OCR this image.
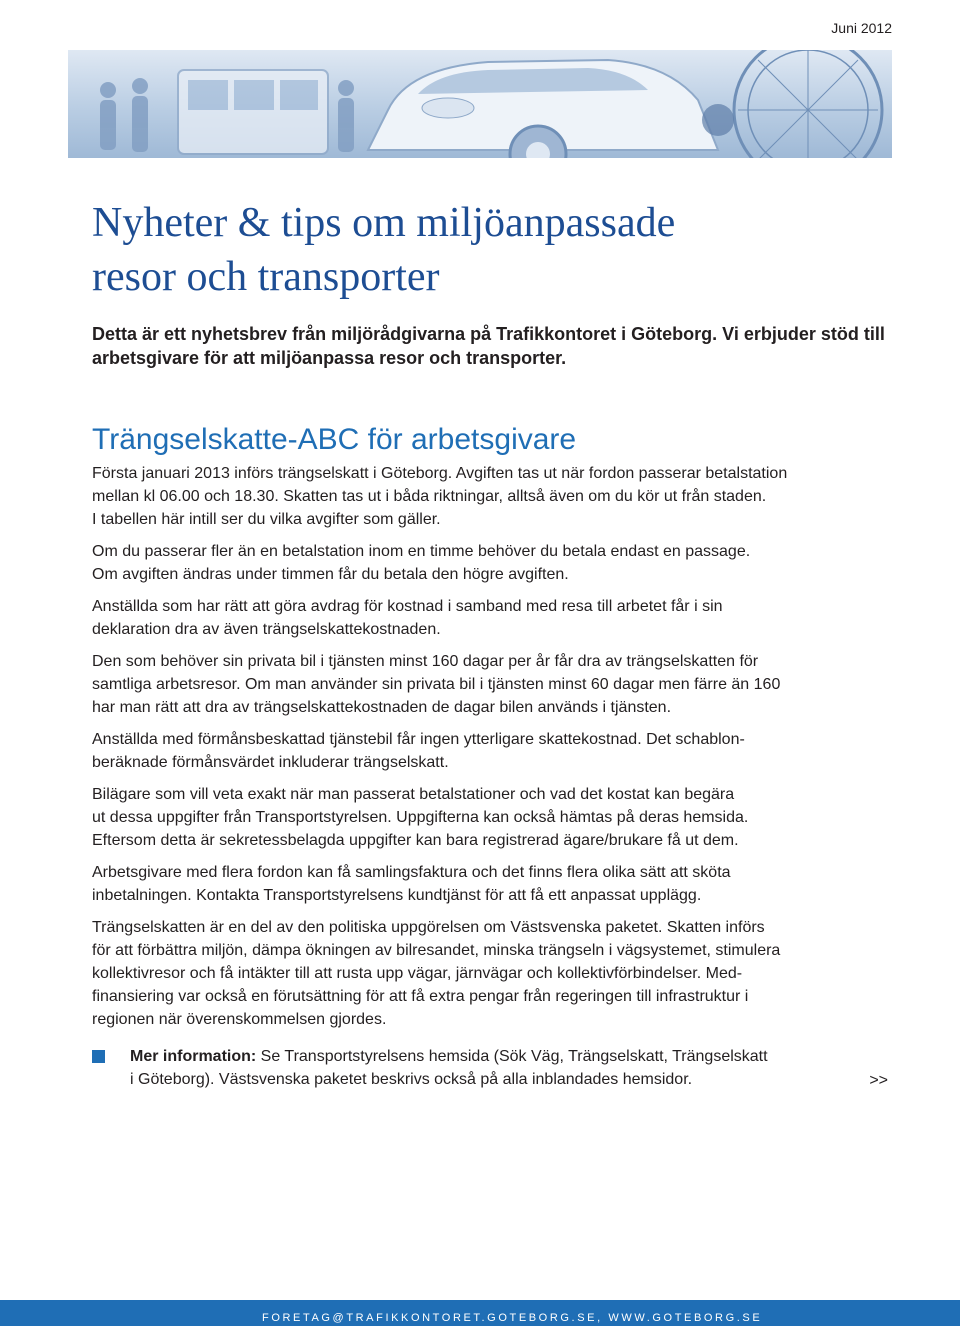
Juni 2012
Nyheter & tips om miljöanpassade
resor och transporter

Detta är ett nyhetsbrev från miljörådgivarna på Trafikkontoret i Göteborg. Vi erbjuder stöd till arbetsgivare för att miljöanpassa resor och transporter.

Trängselskatte-ABC för arbetsgivare

Första januari 2013 införs trängselskatt i Göteborg. Avgiften tas ut när fordon passerar betalstation
mellan kl 06.00 och 18.30. Skatten tas ut i båda riktningar, alltså även om du kör ut från staden.
I tabellen här intill ser du vilka avgifter som gäller.

Om du passerar fler än en betalstation inom en timme behöver du betala endast en passage.
Om avgiften ändras under timmen får du betala den högre avgiften.

Anställda som har rätt att göra avdrag för kostnad i samband med resa till arbetet får i sin
deklaration dra av även trängselskattekostnaden.

Den som behöver sin privata bil i tjänsten minst 160 dagar per år får dra av trängselskatten för
samtliga arbetsresor. Om man använder sin privata bil i tjänsten minst 60 dagar men färre än 160
har man rätt att dra av trängselskattekostnaden de dagar bilen används i tjänsten.

Anställda med förmånsbeskattad tjänstebil får ingen ytterligare skattekostnad. Det schablon-
beräknade förmånsvärdet inkluderar trängselskatt.

Bilägare som vill veta exakt när man passerat betalstationer och vad det kostat kan begära
ut dessa uppgifter från Transportstyrelsen. Uppgifterna kan också hämtas på deras hemsida.
Eftersom detta är sekretessbelagda uppgifter kan bara registrerad ägare/brukare få ut dem.

Arbetsgivare med flera fordon kan få samlingsfaktura och det finns flera olika sätt att sköta
inbetalningen. Kontakta Transportstyrelsens kundtjänst för att få ett anpassat upplägg.

Trängselskatten är en del av den politiska uppgörelsen om Västsvenska paketet. Skatten införs
för att förbättra miljön, dämpa ökningen av bilresandet, minska trängseln i vägsystemet, stimulera
kollektivresor och få intäkter till att rusta upp vägar, järnvägar och kollektivförbindelser. Med-
finansiering var också en förutsättning för att få extra pengar från regeringen till infrastruktur i
regionen när överenskommelsen gjordes.

Mer information: Se Transportstyrelsens hemsida (Sök Väg, Trängselskatt, Trängselskatt
i Göteborg). Västsvenska paketet beskrivs också på alla inblandades hemsidor.	>>
FORETAG@TRAFIKKONTORET.GOTEBORG.SE, WWW.GOTEBORG.SE
